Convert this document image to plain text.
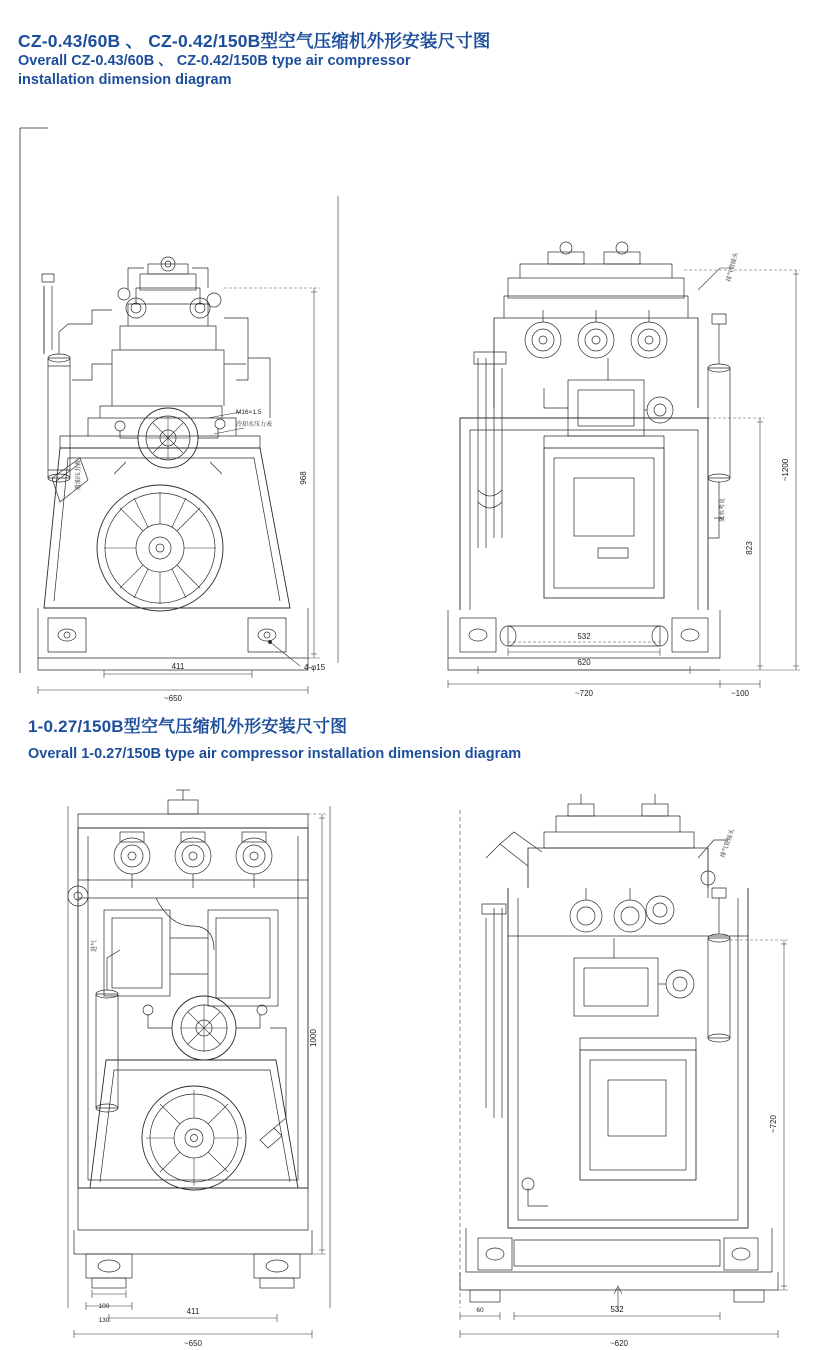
CZ-0.43/60B 、 CZ-0.42/150B型空气压缩机外形安装尺寸图
Overall CZ-0.43/60B 、 CZ-0.42/150B type air compressor
installation dimension diagram
968
411
~650
4-φ15
M16×1.5
冷却水压力表
滑油压力表	~1200
823
532
620
~720	~100
排气管接头
放水考克
1-0.27/150B型空气压缩机外形安装尺寸图
Overall 1-0.27/150B type air compressor installation dimension diagram
1000
100
130
411
~650
进气
~720
60	532
~620
排气管接头
